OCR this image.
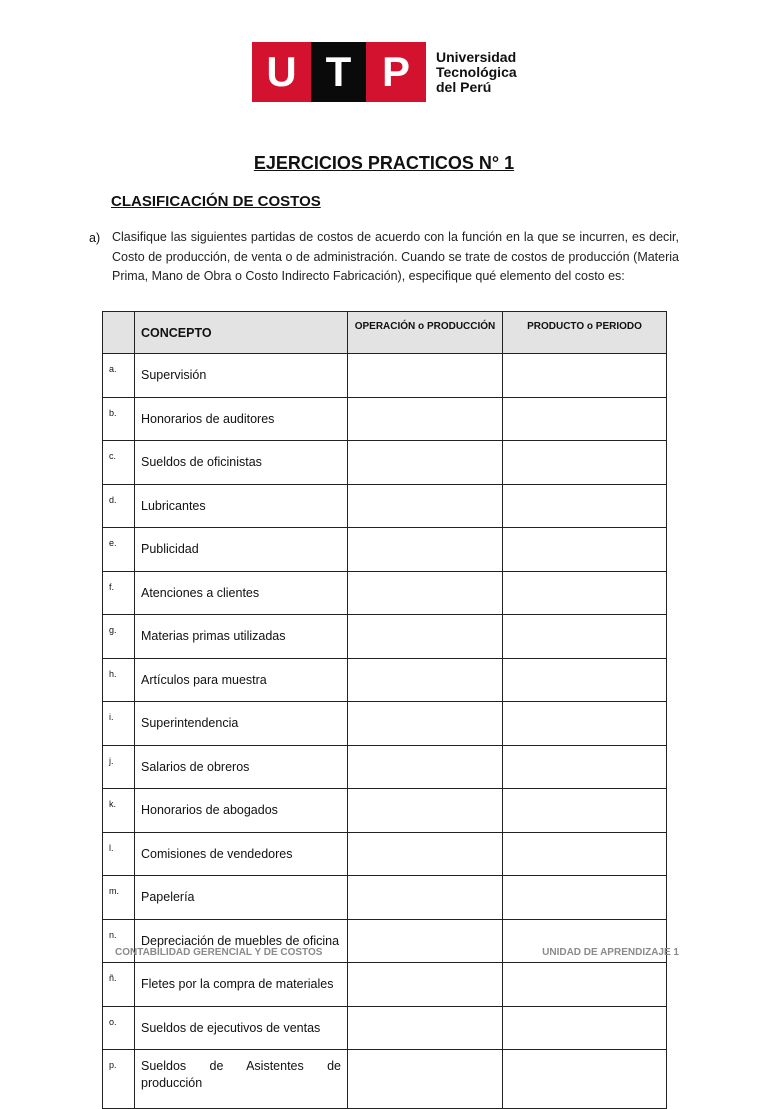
U T P	Universidad
Tecnológica
del Perú
EJERCICIOS PRACTICOS N° 1
CLASIFICACIÓN DE COSTOS
a) Clasifique las siguientes partidas de costos de acuerdo con la función en la que se incurren, es decir, Costo de producción, de venta o de administración. Cuando se trate de costos de producción (Materia Prima, Mano de Obra o Costo Indirecto Fabricación), especifique qué elemento del costo es:
	CONCEPTO	OPERACIÓN o PRODUCCIÓN	PRODUCTO o PERIODO
a.	Supervisión		
b.	Honorarios de auditores		
c.	Sueldos de oficinistas		
d.	Lubricantes		
e.	Publicidad		
f.	Atenciones a clientes		
g.	Materias primas utilizadas		
h.	Artículos para muestra		
i.	Superintendencia		
j.	Salarios de obreros		
k.	Honorarios de abogados		
l.	Comisiones de vendedores		
m.	Papelería		
n.	Depreciación de muebles de oficina		
ñ.	Fletes por la compra de materiales		
o.	Sueldos de ejecutivos de ventas		
p.	Sueldos de Asistentes de producción		
CONTABILIDAD GERENCIAL Y DE COSTOS	UNIDAD DE APRENDIZAJE 1
